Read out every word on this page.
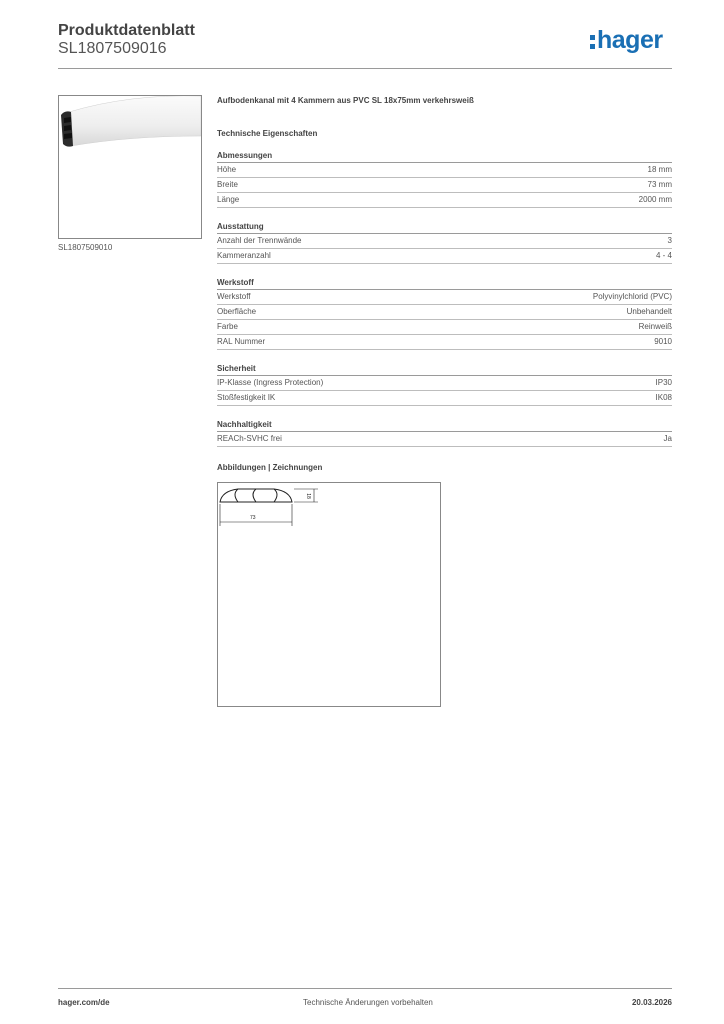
Produktdatenblatt
SL1807509016	hager
SL1807509010
Aufbodenkanal mit 4 Kammern aus PVC SL 18x75mm verkehrsweiß
Technische Eigenschaften
Abmessungen
Höhe	18 mm
Breite	73 mm
Länge	2000 mm
Ausstattung
Anzahl der Trennwände	3
Kammeranzahl	4 - 4
Werkstoff
Werkstoff	Polyvinylchlorid (PVC)
Oberfläche	Unbehandelt
Farbe	Reinweiß
RAL Nummer	9010
Sicherheit
IP-Klasse (Ingress Protection)	IP30
Stoßfestigkeit IK	IK08
Nachhaltigkeit
REACh-SVHC frei	Ja
Abbildungen | Zeichnungen
18
73
hager.com/de	Technische Änderungen vorbehalten	20.03.2026
